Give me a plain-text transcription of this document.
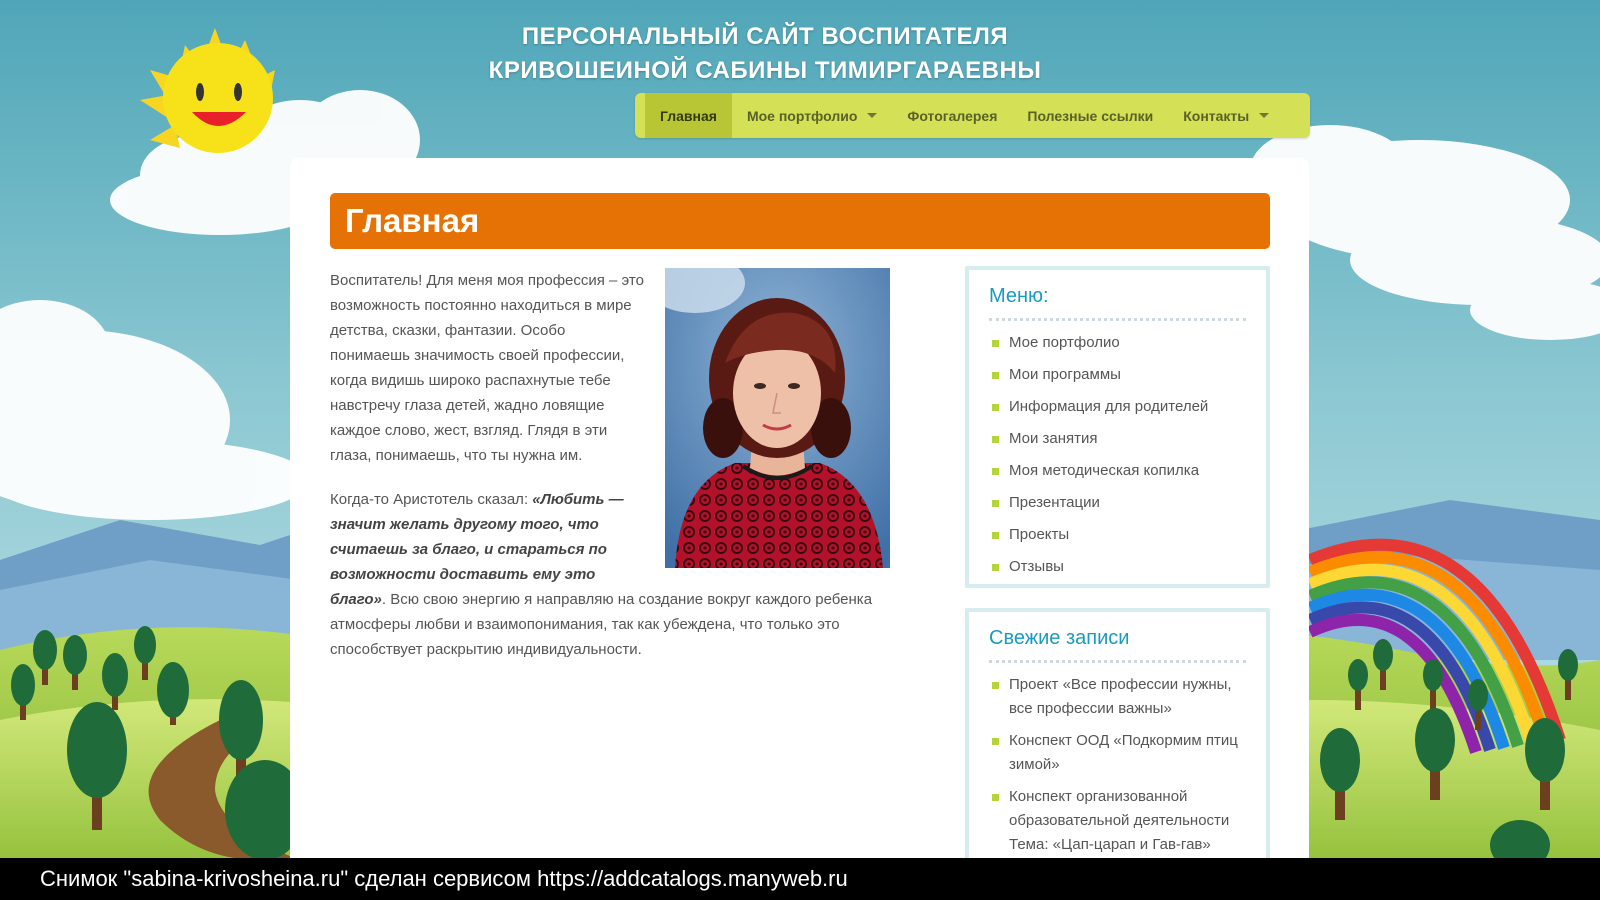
ПЕРСОНАЛЬНЫЙ САЙТ ВОСПИТАТЕЛЯ
КРИВОШЕИНОЙ САБИНЫ ТИМИРГАРАЕВНЫ
Главная Мое портфолио	Фотогалерея Полезные ссылки Контакты
Главная

Воспитатель! Для меня моя профессия – это возможность постоянно находиться в мире детства, сказки, фантазии. Особо понимаешь значимость своей профессии, когда видишь широко распахнутые тебе навстречу глаза детей, жадно ловящие каждое слово, жест, взгляд. Глядя в эти глаза, понимаешь, что ты нужна им.

Когда-то Аристотель сказал: «Любить — значит желать другому того, что считаешь за благо, и стараться по возможности доставить ему это благо». Всю свою энергию я направляю на создание вокруг каждого ребенка атмосферы любви и взаимопонимания, так как убеждена, что только это способствует раскрытию индивидуальности.

Меню:
Мое портфолио
Мои программы
Информация для родителей
Мои занятия
Моя методическая копилка
Презентации
Проекты
Отзывы
Свежие записи
Проект «Все профессии нужны, все профессии важны»
Конспект ООД «Подкормим птиц зимой»
Конспект организованной образовательной деятельности Тема: «Цап-царап и Гав-гав»
Снимок "sabina-krivosheina.ru" сделан сервисом https://addcatalogs.manyweb.ru
